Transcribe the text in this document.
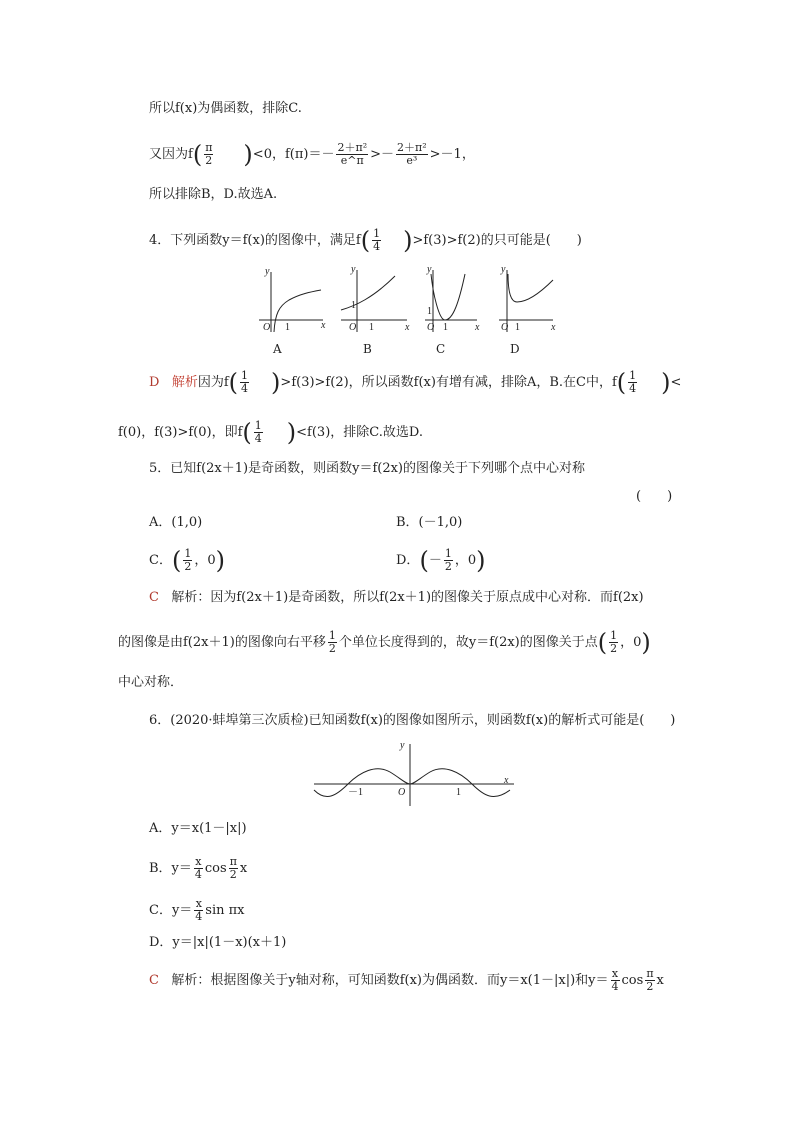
所以f(x)为偶函数，排除C.
又因为$f( \frac{\pi}{2} )<0$，$f(\pi)=- \frac{\text{2＋π²}}{e\^{}\pi} >- \frac{\text{2＋π²}}{\text{e³}} >-1$，
所以排除B，D.故选A.
4．下列函数y＝f(x)的图像中，满足$f( \frac{1}{4} )>f(3)>f(2)$的只可能是(　　)
y
O 1	x
y
1
O 1	x
y
1
O 1	x
y
O 1	x
A	B	C	D
D 解析因为$f( \frac{1}{4} )>f(3)>f(2)$，所以函数f(x)有增有减，排除A，B.在C中，$f( \frac{1}{4}$ )<
f(0)，f(3)>f(0)，即$f( \frac{1}{4} )<f(3)$，排除C.故选D.
5．已知f(2x＋1)是奇函数，则函数y＝f(2x)的图像关于下列哪个点中心对称
(　　)
A．(1,0)	B．(－1,0)
C．( $\frac{1}{2}$ ，0)	D．(－ $\frac{1}{2}$ ，0)
C 解析：因为f(2x＋1)是奇函数，所以f(2x＋1)的图像关于原点成中心对称．而f(2x)
的图像是由f(2x＋1)的图像向右平移 $\frac{1}{2}$ 个单位长度得到的，故y＝f(2x)的图像关于点( $\frac{1}{2}$ ，0)
中心对称．
6．(2020·蚌埠第三次质检)已知函数f(x)的图像如图所示，则函数f(x)的解析式可能是(　　)
y
O
－1	1
x
A．y＝x(1－|x|)
B．$y= \frac{x}{4}$ $\cos \frac{\pi}{2}$ x
C．$y= \frac{x}{4}$ sin πx
D．y＝|x|(1－x)(x＋1)
C 解析：根据图像关于y轴对称，可知函数f(x)为偶函数．而y＝x(1－|x|)和$y= \frac{x}{4}$ $\cos \frac{\pi}{2}$ x
